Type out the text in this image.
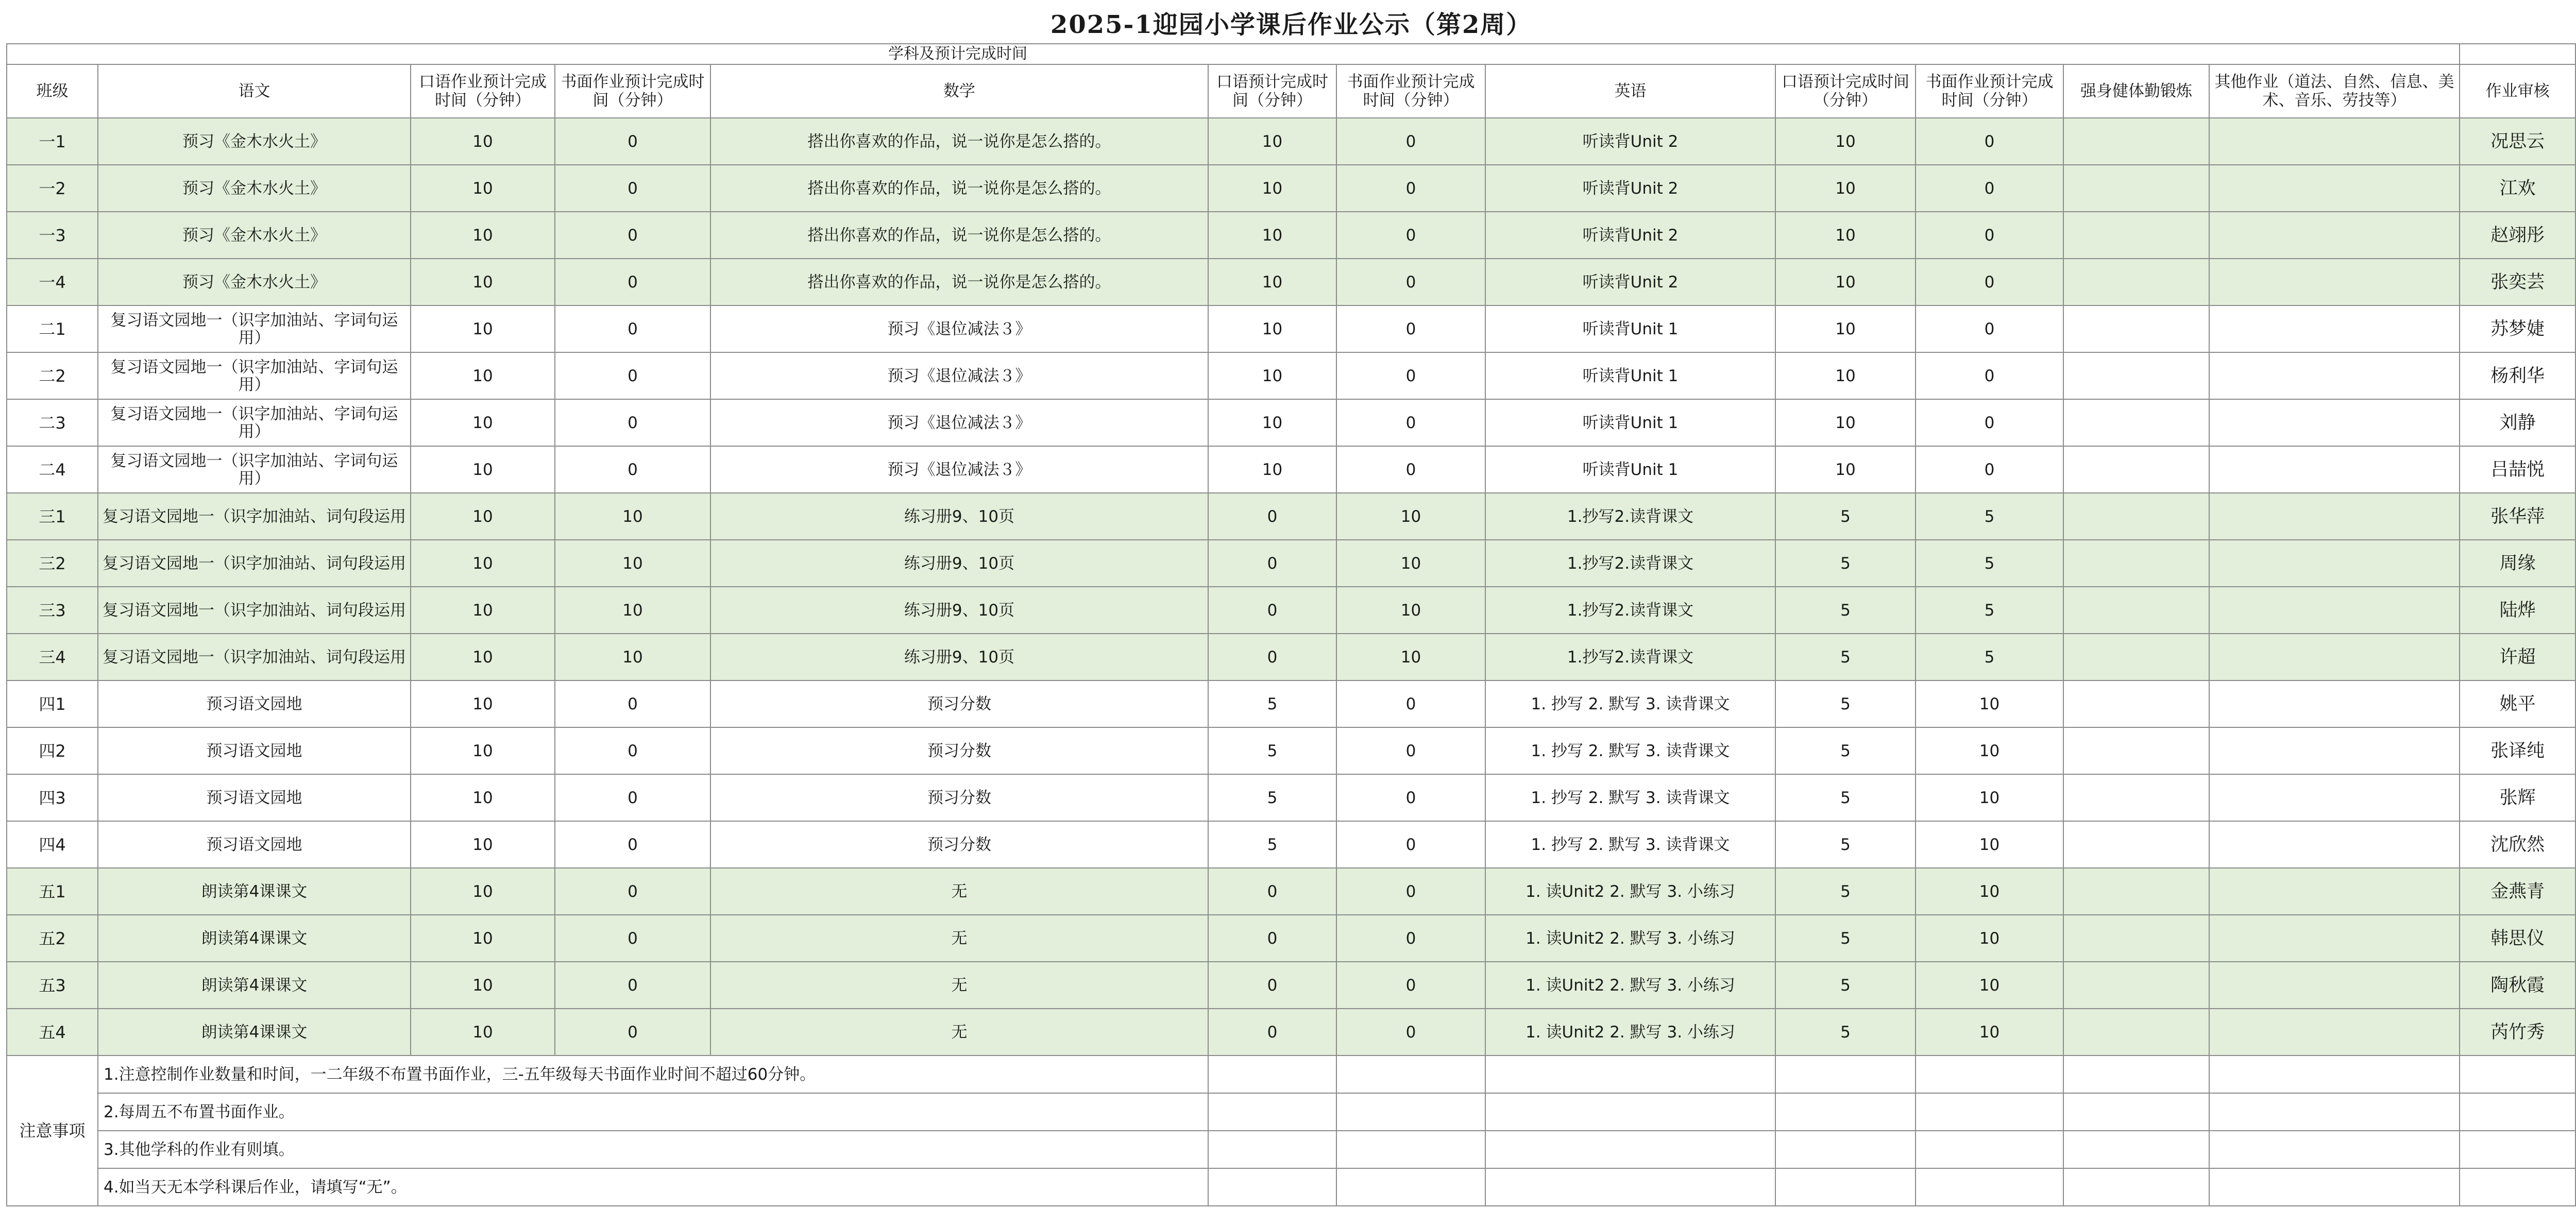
2025-1迎园小学课后作业公示（第2周）												
学科及预计完成时间												
班级	语文	口语作业预计完成时间（分钟）	书面作业预计完成时间（分钟）	数学	口语预计完成时间（分钟）	书面作业预计完成时间（分钟）	英语	口语预计完成时间（分钟）	书面作业预计完成时间（分钟）	强身健体勤锻炼	其他作业（道法、自然、信息、美术、音乐、劳技等）	作业审核
一1	预习《金木水火土》	10	0	搭出你喜欢的作品，说一说你是怎么搭的。	10	0	听读背Unit 2	10	0			况思云
一2	预习《金木水火土》	10	0	搭出你喜欢的作品，说一说你是怎么搭的。	10	0	听读背Unit 2	10	0			江欢
一3	预习《金木水火土》	10	0	搭出你喜欢的作品，说一说你是怎么搭的。	10	0	听读背Unit 2	10	0			赵翊彤
一4	预习《金木水火土》	10	0	搭出你喜欢的作品，说一说你是怎么搭的。	10	0	听读背Unit 2	10	0			张奕芸
二1	复习语文园地一（识字加油站、字词句运用）	10	0	预习《退位减法３》	10	0	听读背Unit 1	10	0			苏梦婕
二2	复习语文园地一（识字加油站、字词句运用）	10	0	预习《退位减法３》	10	0	听读背Unit 1	10	0			杨利华
二3	复习语文园地一（识字加油站、字词句运用）	10	0	预习《退位减法３》	10	0	听读背Unit 1	10	0			刘静
二4	复习语文园地一（识字加油站、字词句运用）	10	0	预习《退位减法３》	10	0	听读背Unit 1	10	0			吕喆悦
三1	复习语文园地一（识字加油站、词句段运用	10	10	练习册9、10页	0	10	1.抄写2.读背课文	5	5			张华萍
三2	复习语文园地一（识字加油站、词句段运用	10	10	练习册9、10页	0	10	1.抄写2.读背课文	5	5			周缘
三3	复习语文园地一（识字加油站、词句段运用	10	10	练习册9、10页	0	10	1.抄写2.读背课文	5	5			陆烨
三4	复习语文园地一（识字加油站、词句段运用	10	10	练习册9、10页	0	10	1.抄写2.读背课文	5	5			许超
四1	预习语文园地	10	0	预习分数	5	0	1. 抄写 2. 默写 3. 读背课文	5	10			姚平
四2	预习语文园地	10	0	预习分数	5	0	1. 抄写 2. 默写 3. 读背课文	5	10			张译纯
四3	预习语文园地	10	0	预习分数	5	0	1. 抄写 2. 默写 3. 读背课文	5	10			张辉
四4	预习语文园地	10	0	预习分数	5	0	1. 抄写 2. 默写 3. 读背课文	5	10			沈欣然
五1	朗读第4课课文	10	0	无	0	0	1. 读Unit2 2. 默写 3. 小练习	5	10			金燕青
五2	朗读第4课课文	10	0	无	0	0	1. 读Unit2 2. 默写 3. 小练习	5	10			韩思仪
五3	朗读第4课课文	10	0	无	0	0	1. 读Unit2 2. 默写 3. 小练习	5	10			陶秋霞
五4	朗读第4课课文	10	0	无	0	0	1. 读Unit2 2. 默写 3. 小练习	5	10			芮竹秀
注意事项	1.注意控制作业数量和时间，一二年级不布置书面作业，三-五年级每天书面作业时间不超过60分钟。											
	2.每周五不布置书面作业。											
	3.其他学科的作业有则填。											
	4.如当天无本学科课后作业，请填写“无”。											
